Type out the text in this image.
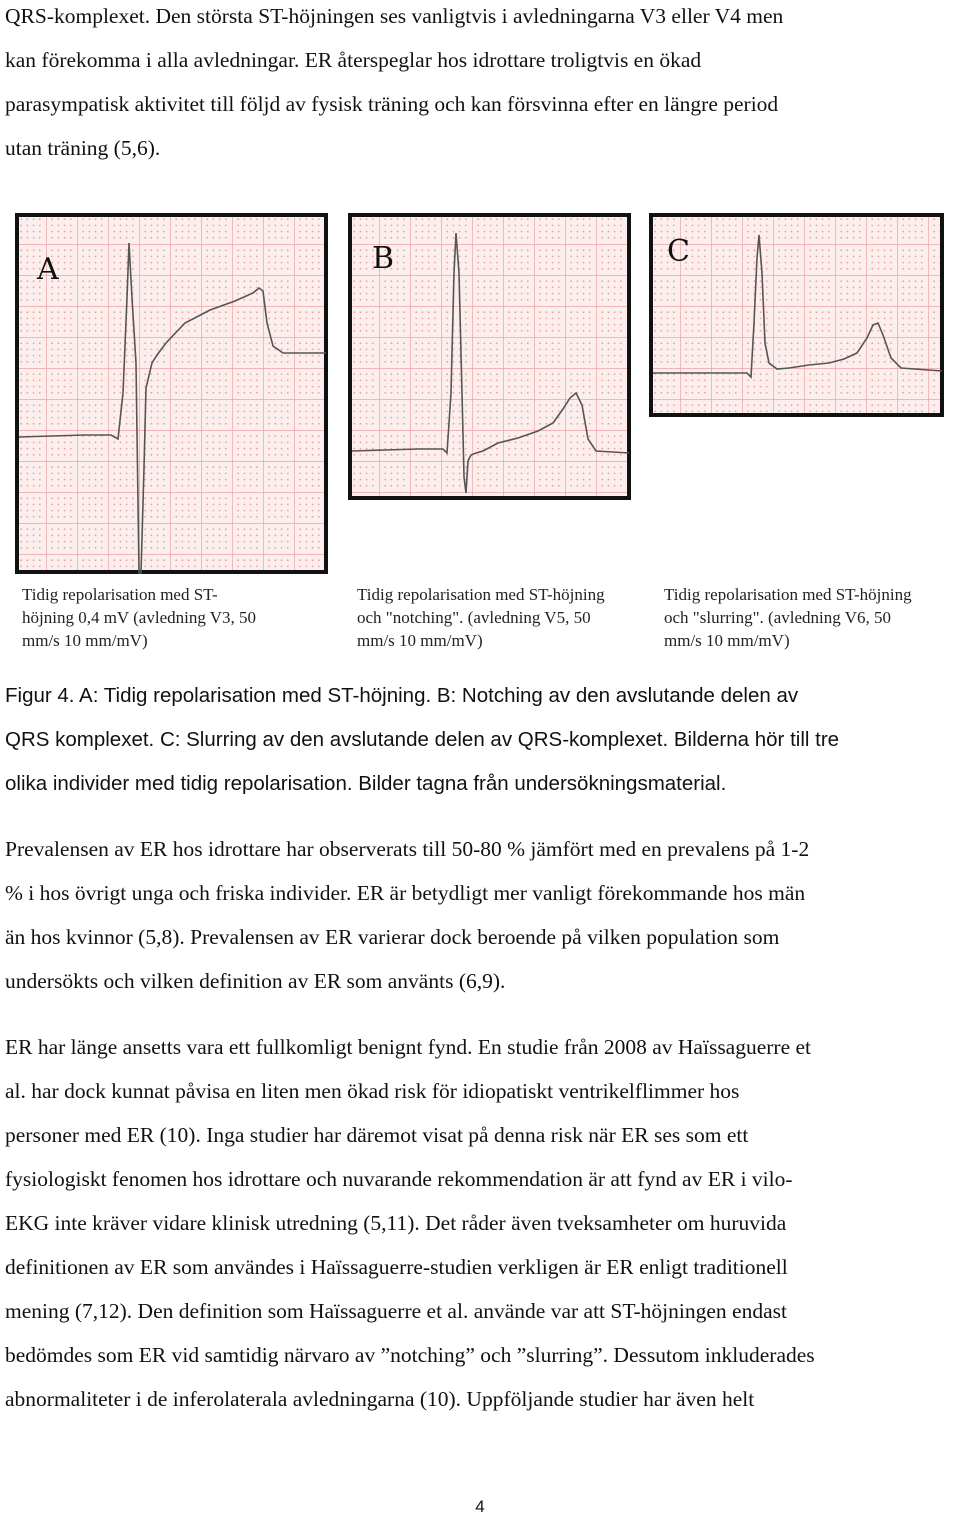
QRS-komplexet. Den största ST-höjningen ses vanligtvis i avledningarna V3 eller V4 men
kan förekomma i alla avledningar. ER återspeglar hos idrottare troligtvis en ökad
parasympatisk aktivitet till följd av fysisk träning och kan försvinna efter en längre period
utan träning (5,6).
A	B	C
Tidig repolarisation med ST-
höjning 0,4 mV (avledning V3, 50
mm/s 10 mm/mV)
Tidig repolarisation med ST-höjning
och "notching". (avledning V5, 50
mm/s 10 mm/mV)
Tidig repolarisation med ST-höjning
och "slurring". (avledning V6, 50
mm/s 10 mm/mV)
Figur 4. A: Tidig repolarisation med ST-höjning. B: Notching av den avslutande delen av
QRS komplexet. C: Slurring av den avslutande delen av QRS-komplexet. Bilderna hör till tre
olika individer med tidig repolarisation. Bilder tagna från undersökningsmaterial.
Prevalensen av ER hos idrottare har observerats till 50-80 % jämfört med en prevalens på 1-2
% i hos övrigt unga och friska individer. ER är betydligt mer vanligt förekommande hos män
än hos kvinnor (5,8). Prevalensen av ER varierar dock beroende på vilken population som
undersökts och vilken definition av ER som använts (6,9).
ER har länge ansetts vara ett fullkomligt benignt fynd. En studie från 2008 av Haïssaguerre et
al. har dock kunnat påvisa en liten men ökad risk för idiopatiskt ventrikelflimmer hos
personer med ER (10). Inga studier har däremot visat på denna risk när ER ses som ett
fysiologiskt fenomen hos idrottare och nuvarande rekommendation är att fynd av ER i vilo-
EKG inte kräver vidare klinisk utredning (5,11). Det råder även tveksamheter om huruvida
definitionen av ER som användes i Haïssaguerre-studien verkligen är ER enligt traditionell
mening (7,12). Den definition som Haïssaguerre et al. använde var att ST-höjningen endast
bedömdes som ER vid samtidig närvaro av ”notching” och ”slurring”. Dessutom inkluderades
abnormaliteter i de inferolaterala avledningarna (10). Uppföljande studier har även helt
4
